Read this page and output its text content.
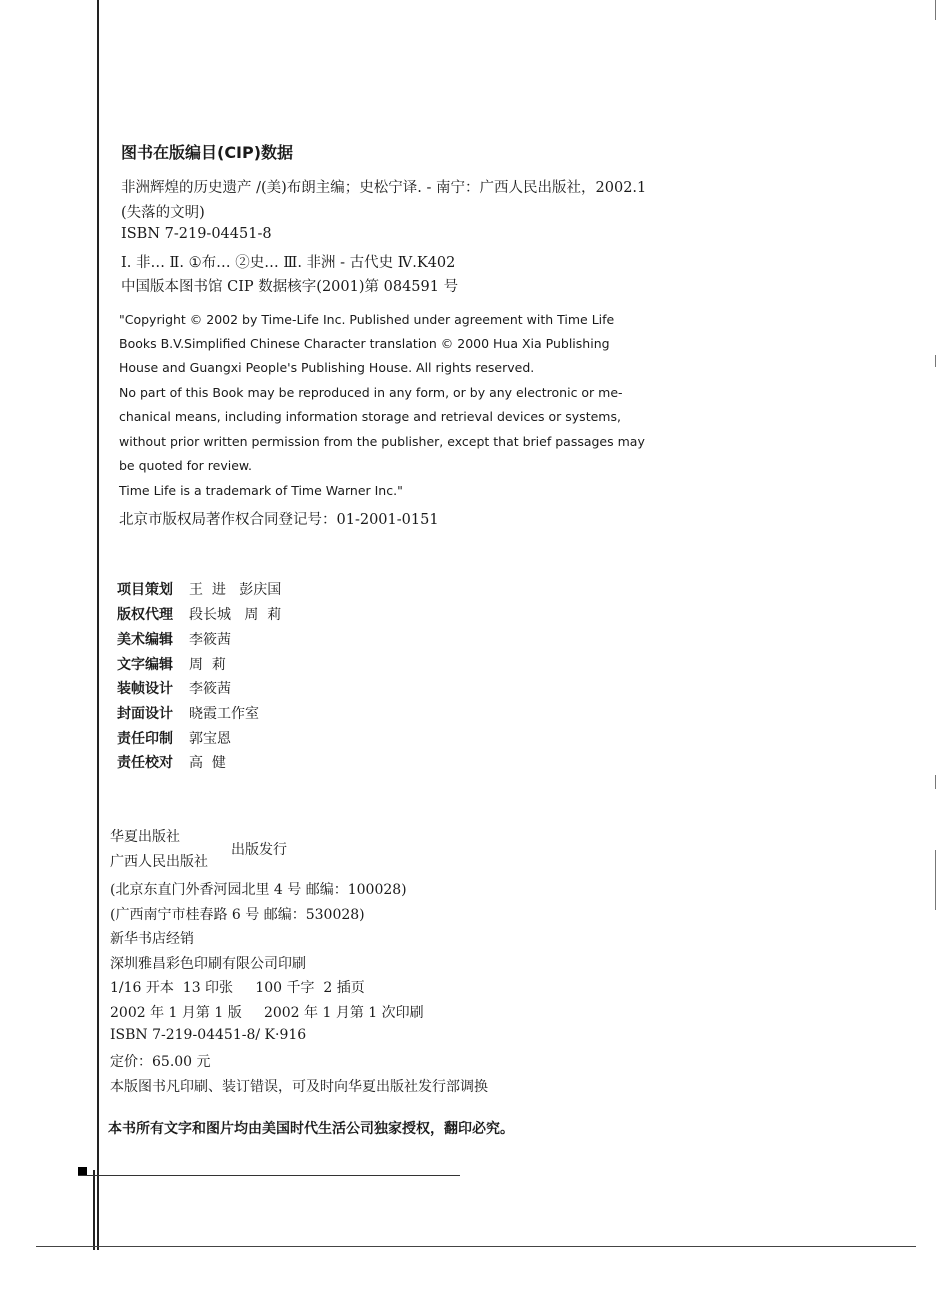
图书在版编目(CIP)数据
非洲辉煌的历史遗产 /(美)布朗主编；史松宁译. - 南宁：广西人民出版社，2002.1
(失落的文明)
ISBN 7-219-04451-8
Ⅰ. 非… Ⅱ. ①布… ②史… Ⅲ. 非洲 - 古代史 Ⅳ.K402
中国版本图书馆 CIP 数据核字(2001)第 084591 号
"Copyright © 2002 by Time-Life Inc. Published under agreement with Time Life
Books B.V.Simplified Chinese Character translation © 2000 Hua Xia Publishing
House and Guangxi People's Publishing House. All rights reserved.
No part of this Book may be reproduced in any form, or by any electronic or me-
chanical means, including information storage and retrieval devices or systems,
without prior written permission from the publisher, except that brief passages may
be quoted for review.
Time Life is a trademark of Time Warner Inc."
北京市版权局著作权合同登记号：01-2001-0151
项目策划	王  进   彭庆国
版权代理	段长城   周  莉
美术编辑	李筱茜
文字编辑	周  莉
装帧设计	李筱茜
封面设计	晓霞工作室
责任印制	郭宝恩
责任校对	高  健
华夏出版社
广西人民出版社
出版发行
(北京东直门外香河园北里 4 号 邮编：100028)
(广西南宁市桂春路 6 号 邮编：530028)
新华书店经销
深圳雅昌彩色印刷有限公司印刷
1/16 开本  13 印张     100 千字  2 插页
2002 年 1 月第 1 版     2002 年 1 月第 1 次印刷
ISBN 7-219-04451-8/ K·916
定价：65.00 元
本版图书凡印刷、装订错误，可及时向华夏出版社发行部调换
本书所有文字和图片均由美国时代生活公司独家授权，翻印必究。
